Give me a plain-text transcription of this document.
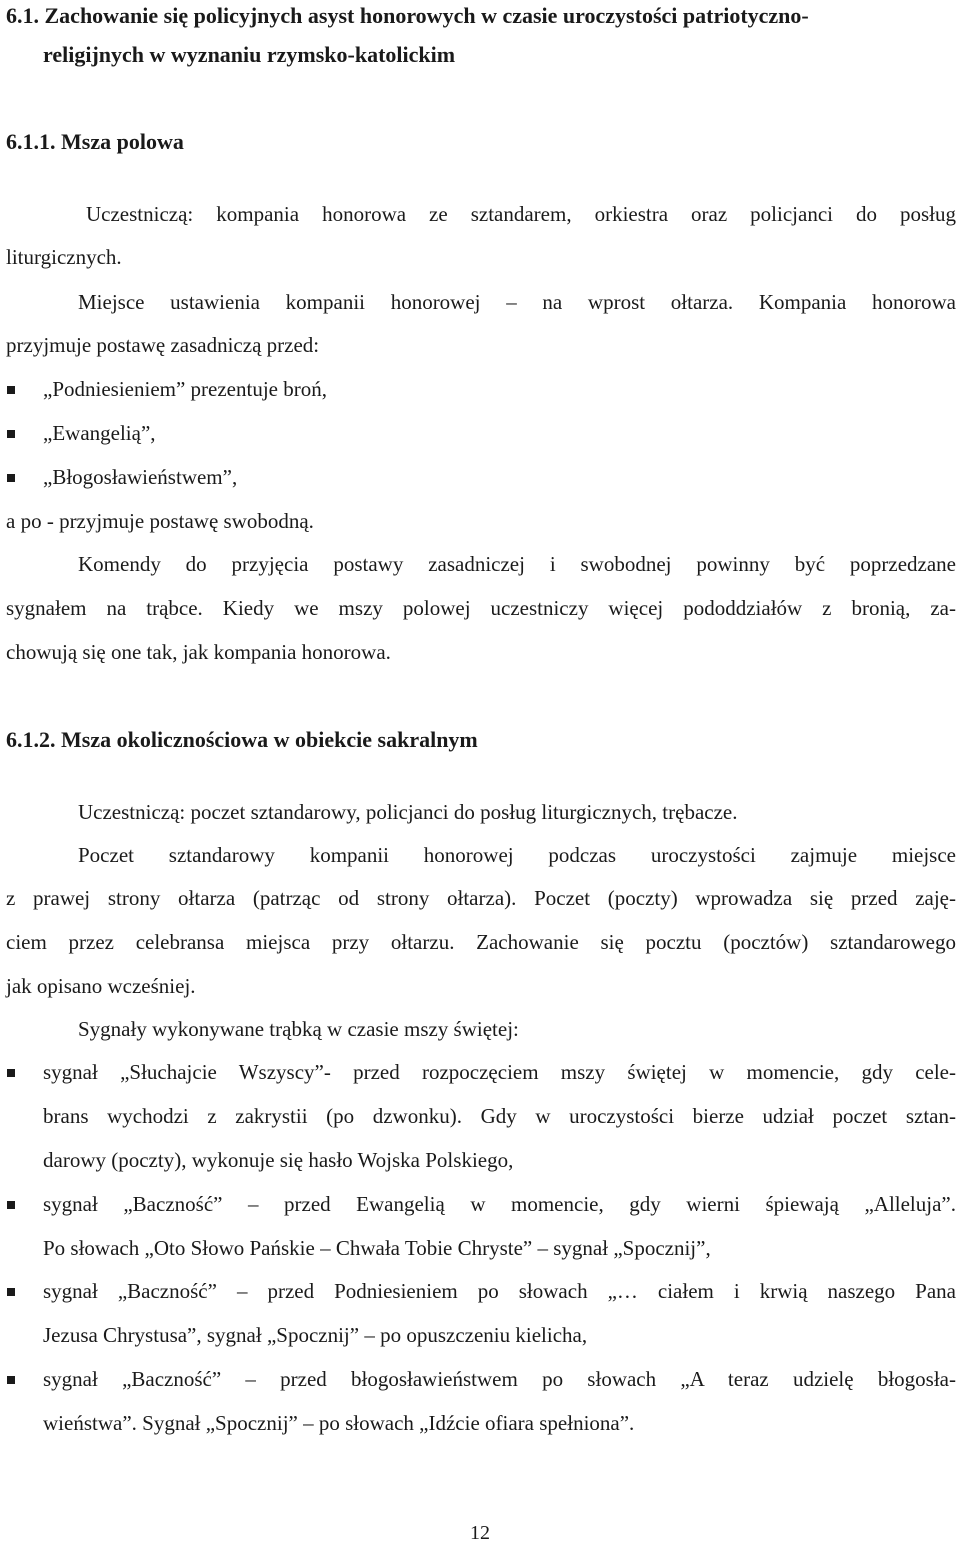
6.1. Zachowanie się policyjnych asyst honorowych w czasie uroczystości patriotyczno-
religijnych w wyznaniu rzymsko-katolickim
6.1.1. Msza polowa
Uczestniczą: kompania honorowa ze sztandarem, orkiestra oraz policjanci do posług
liturgicznych.
Miejsce ustawienia kompanii honorowej – na wprost ołtarza. Kompania honorowa
przyjmuje postawę zasadniczą przed:
„Podniesieniem” prezentuje broń,
„Ewangelią”,
„Błogosławieństwem”,
a po - przyjmuje postawę swobodną.
Komendy do przyjęcia postawy zasadniczej i swobodnej powinny być poprzedzane
sygnałem na trąbce. Kiedy we mszy polowej uczestniczy więcej pododdziałów z bronią, za-
chowują się one tak, jak kompania honorowa.
6.1.2. Msza okolicznościowa w obiekcie sakralnym
Uczestniczą: poczet sztandarowy, policjanci do posług liturgicznych, trębacze.
Poczet sztandarowy kompanii honorowej podczas uroczystości zajmuje miejsce
z prawej strony ołtarza (patrząc od strony ołtarza). Poczet (poczty) wprowadza się przed zaję-
ciem przez celebransa miejsca przy ołtarzu. Zachowanie się pocztu (pocztów) sztandarowego
jak opisano wcześniej.
Sygnały wykonywane trąbką w czasie mszy świętej:
sygnał „Słuchajcie Wszyscy”- przed rozpoczęciem mszy świętej w momencie, gdy cele-
brans wychodzi z zakrystii (po dzwonku). Gdy w uroczystości bierze udział poczet sztan-
darowy (poczty), wykonuje się hasło Wojska Polskiego,
sygnał „Baczność” – przed Ewangelią w momencie, gdy wierni śpiewają „Alleluja”.
Po słowach „Oto Słowo Pańskie – Chwała Tobie Chryste” – sygnał „Spocznij”,
sygnał „Baczność” – przed Podniesieniem po słowach „… ciałem i krwią naszego Pana
Jezusa Chrystusa”, sygnał „Spocznij” – po opuszczeniu kielicha,
sygnał „Baczność” – przed błogosławieństwem po słowach „A teraz udzielę błogosła-
wieństwa”. Sygnał „Spocznij” – po słowach „Idźcie ofiara spełniona”.
12
